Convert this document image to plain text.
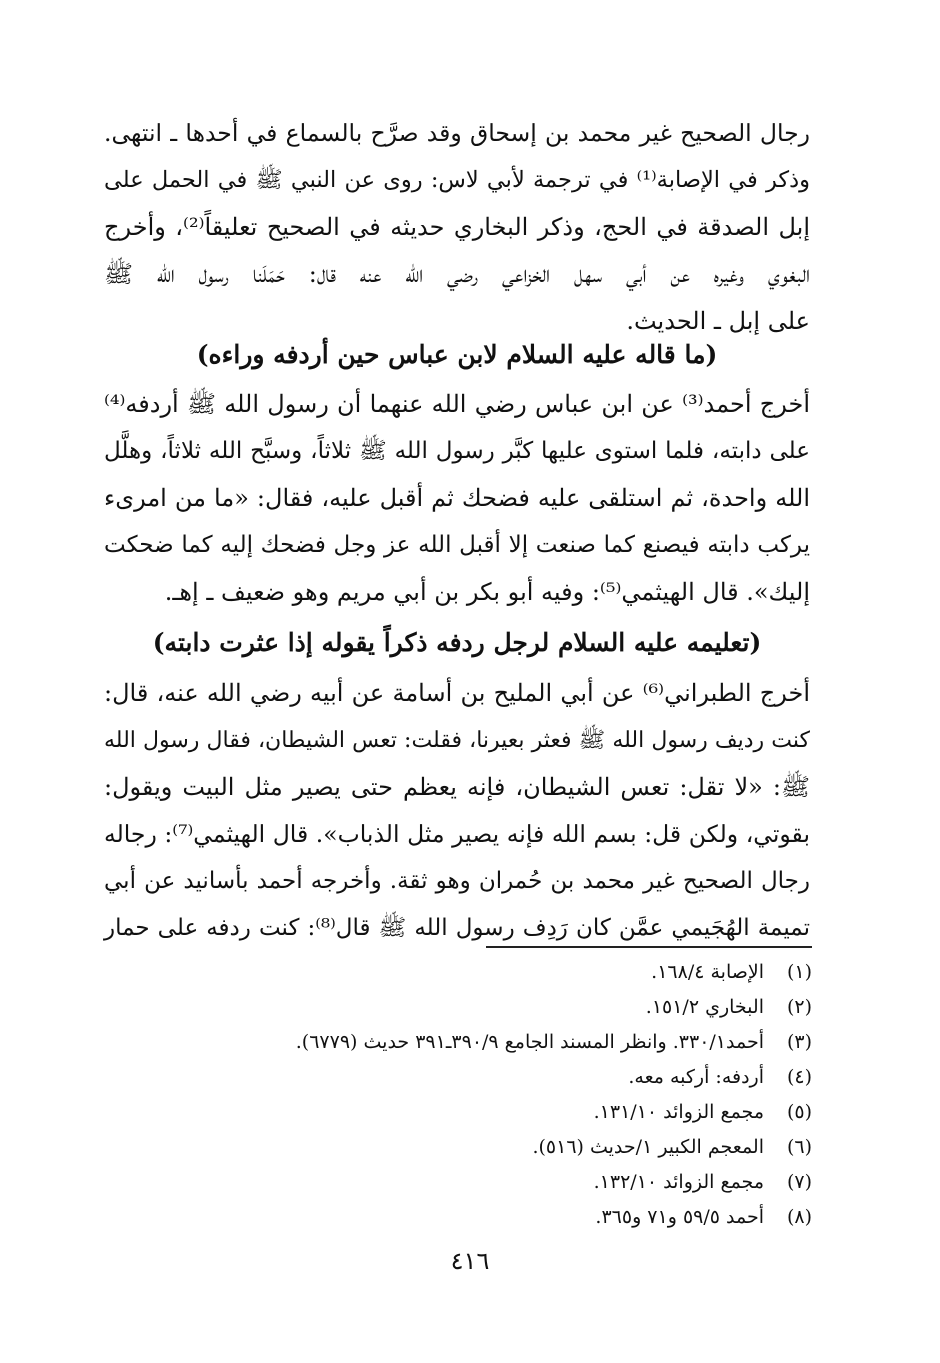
رجال الصحيح غير محمد بن إسحاق وقد صرَّح بالسماع في أحدها ـ انتهى.
وذكر في الإصابة⁽¹⁾ في ترجمة لأبي لاس: روى عن النبي ﷺ في الحمل على
إبل الصدقة في الحج، وذكر البخاري حديثه في الصحيح تعليقاً⁽²⁾، وأخرج
البغوي وغيره عن أبي سهل الخزاعي رضي الله عنه قال: حَمَلَنا رسول الله ﷺ
على إبل ـ الحديث.
(ما قاله عليه السلام لابن عباس حين أردفه وراءه)
أخرج أحمد⁽³⁾ عن ابن عباس رضي الله عنهما أن رسول الله ﷺ أردفه⁽⁴⁾
على دابته، فلما استوى عليها كبَّر رسول الله ﷺ ثلاثاً، وسبَّح الله ثلاثاً، وهلَّل
الله واحدة، ثم استلقى عليه فضحك ثم أقبل عليه، فقال: «ما من امرىء
يركب دابته فيصنع كما صنعت إلا أقبل الله عز وجل فضحك إليه كما ضحكت
إليك». قال الهيثمي⁽⁵⁾: وفيه أبو بكر بن أبي مريم وهو ضعيف ـ إهـ.
(تعليمه عليه السلام لرجل ردفه ذكراً يقوله إذا عثرت دابته)
أخرج الطبراني⁽⁶⁾ عن أبي المليح بن أسامة عن أبيه رضي الله عنه، قال:
كنت رديف رسول الله ﷺ فعثر بعيرنا، فقلت: تعس الشيطان، فقال رسول الله
ﷺ: «لا تقل: تعس الشيطان، فإنه يعظم حتى يصير مثل البيت ويقول:
بقوتي، ولكن قل: بسم الله فإنه يصير مثل الذباب». قال الهيثمي⁽⁷⁾: رجاله
رجال الصحيح غير محمد بن حُمران وهو ثقة. وأخرجه أحمد بأسانيد عن أبي
تميمة الهُجَيمي عمَّن كان رَدِف رسول الله ﷺ قال⁽⁸⁾: كنت ردفه على حمار
(١)الإصابة ١٦٨/٤.
(٢)البخاري ١٥١/٢.
(٣)أحمد٣٣٠/١. وانظر المسند الجامع ٣٩٠/٩ـ٣٩١ حديث (٦٧٧٩).
(٤)أردفه: أركبه معه.
(٥)مجمع الزوائد ١٣١/١٠.
(٦)المعجم الكبير ١/حديث (٥١٦).
(٧)مجمع الزوائد ١٣٢/١٠.
(٨)أحمد ٥٩/٥ و٧١ و٣٦٥.
٤١٦
